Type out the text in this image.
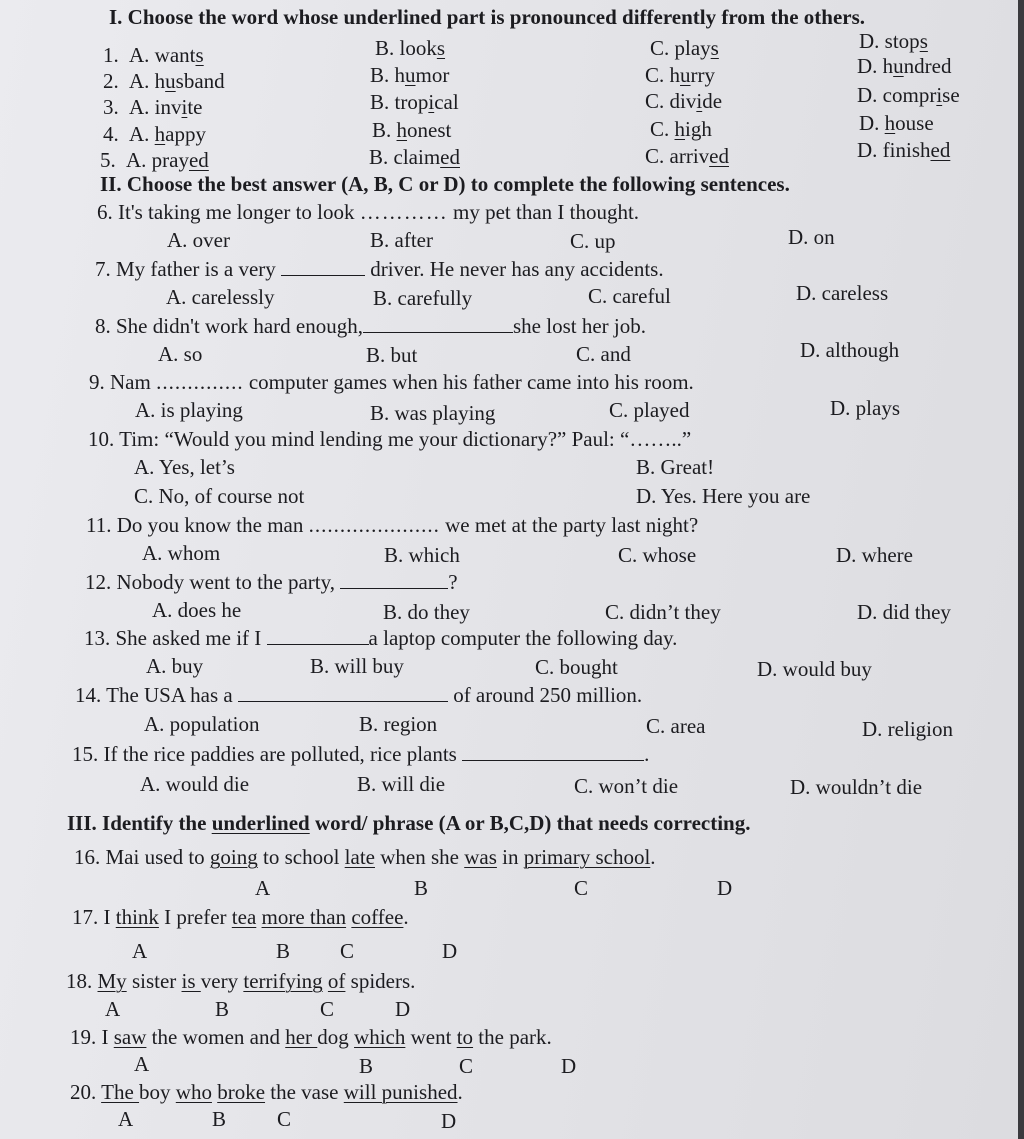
I. Choose the word whose underlined part is pronounced differently from the others.
1. A. wants	B. looks	C. plays	D. stops
2. A. husband	B. humor	C. hurry	D. hundred
3. A. invite	B. tropical	C. divide	D. comprise
4. A. happy	B. honest	C. high	D. house
5. A. prayed	B. claimed	C. arrived	D. finished
II. Choose the best answer (A, B, C or D) to complete the following sentences.
6. It's taking me longer to look ………… my pet than I thought.
A. over	B. after	C. up	D. on
7. My father is a very	driver. He never has any accidents.
A. carelessly	B. carefully	C. careful	D. careless
8. She didn't work hard enough,	she lost her job.
A. so	B. but	C. and	D. although
9. Nam .............. computer games when his father came into his room.
A. is playing	B. was playing	C. played	D. plays
10. Tim: “Would you mind lending me your dictionary?” Paul: “……..”
A. Yes, let’s	B. Great!
C. No, of course not	D. Yes. Here you are
11. Do you know the man ..................... we met at the party last night?
A. whom	B. which	C. whose	D. where
12. Nobody went to the party,	?
A. does he	B. do they	C. didn’t they	D. did they
13. She asked me if I	a laptop computer the following day.
A. buy	B. will buy	C. bought	D. would buy
14. The USA has a	of around 250 million.
A. population	B. region	C. area	D. religion
15. If the rice paddies are polluted, rice plants	.
A. would die	B. will die	C. won’t die	D. wouldn’t die
III. Identify the underlined word/ phrase (A or B,C,D) that needs correcting.
16. Mai used to going to school late when she was in primary school.
A	B	C	D
17. I think I prefer tea more than coffee.
A	B C	D
18. My sister is very terrifying of spiders.
A	B	C	D
19. I saw the women and her dog which went to the park.
A	B	C	D
20. The boy who broke the vase will punished.
A	B C	D
